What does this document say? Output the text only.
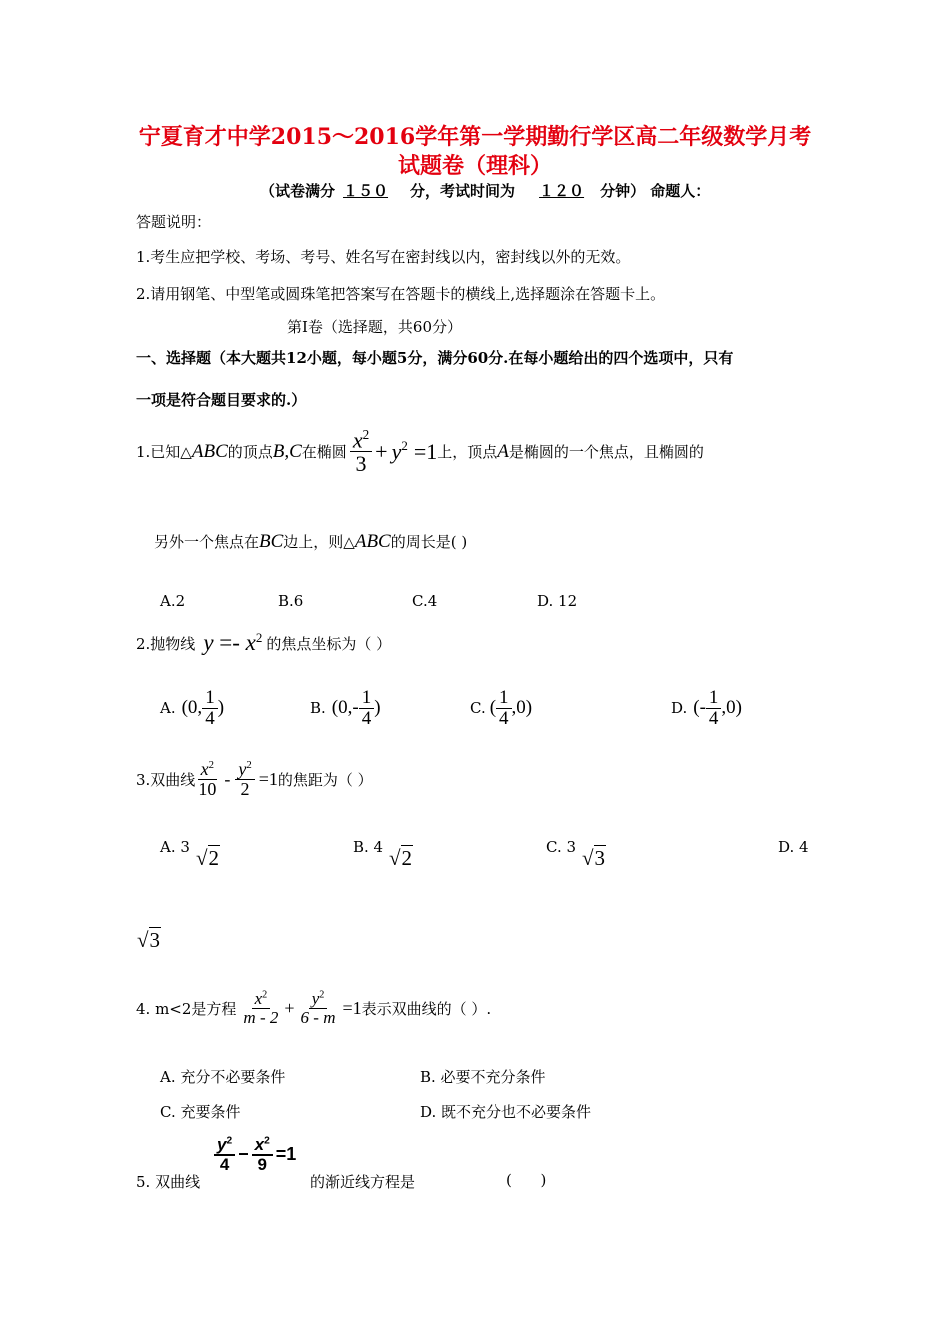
宁夏育才中学2015～2016学年第一学期勤行学区高二年级数学月考
试题卷（理科）
（试卷满分 １５０ 分，考试时间为 １２０ 分钟） 命题人：
答题说明：
1.考生应把学校、考场、考号、姓名写在密封线以内，密封线以外的无效。
2.请用钢笔、中型笔或圆珠笔把答案写在答题卡的横线上,选择题涂在答题卡上。
第Ⅰ卷（选择题，共60分）
一、选择题（本大题共12小题，每小题5分，满分60分.在每小题给出的四个选项中，只有
一项是符合题目要求的.）
1.已知△ ABC 的顶点 B,C 在椭圆 $\frac{x^2}{3} + y$ 2 =1 上，顶点 A 是椭圆的一个焦点，且椭圆的
另外一个焦点在BC边上，则△ABC的周长是( )
A.2	B.6	C.4	D. 12
2.抛物线 y =- x 2 的焦点坐标为（ ）
A. (0, $\frac{1}{4}$ )	B. ($0,- \frac{1}{4}$ )	C. ( $\frac{1}{4} ,0$)	D. (- $\frac{1}{4} ,0$)
3.双曲线 $\frac{x^2}{10} - \frac{y^2}{2} =1$ 的焦距为（ ）
A. 3 √2	B. 4 √2	C. 3 √3	D. 4
√3
4. m<2是方程 $\frac{x^2}{m - 2} + \frac{y^2}{6 - m} =1$ 表示双曲线的（ ）.
A. 充分不必要条件	B. 必要不充分条件
C. 充要条件	D. 既不充分也不必要条件
5. 双曲线
$\frac{y^2}{4} - \frac{x^2}{9} =1$
的渐近线方程是	(      )
